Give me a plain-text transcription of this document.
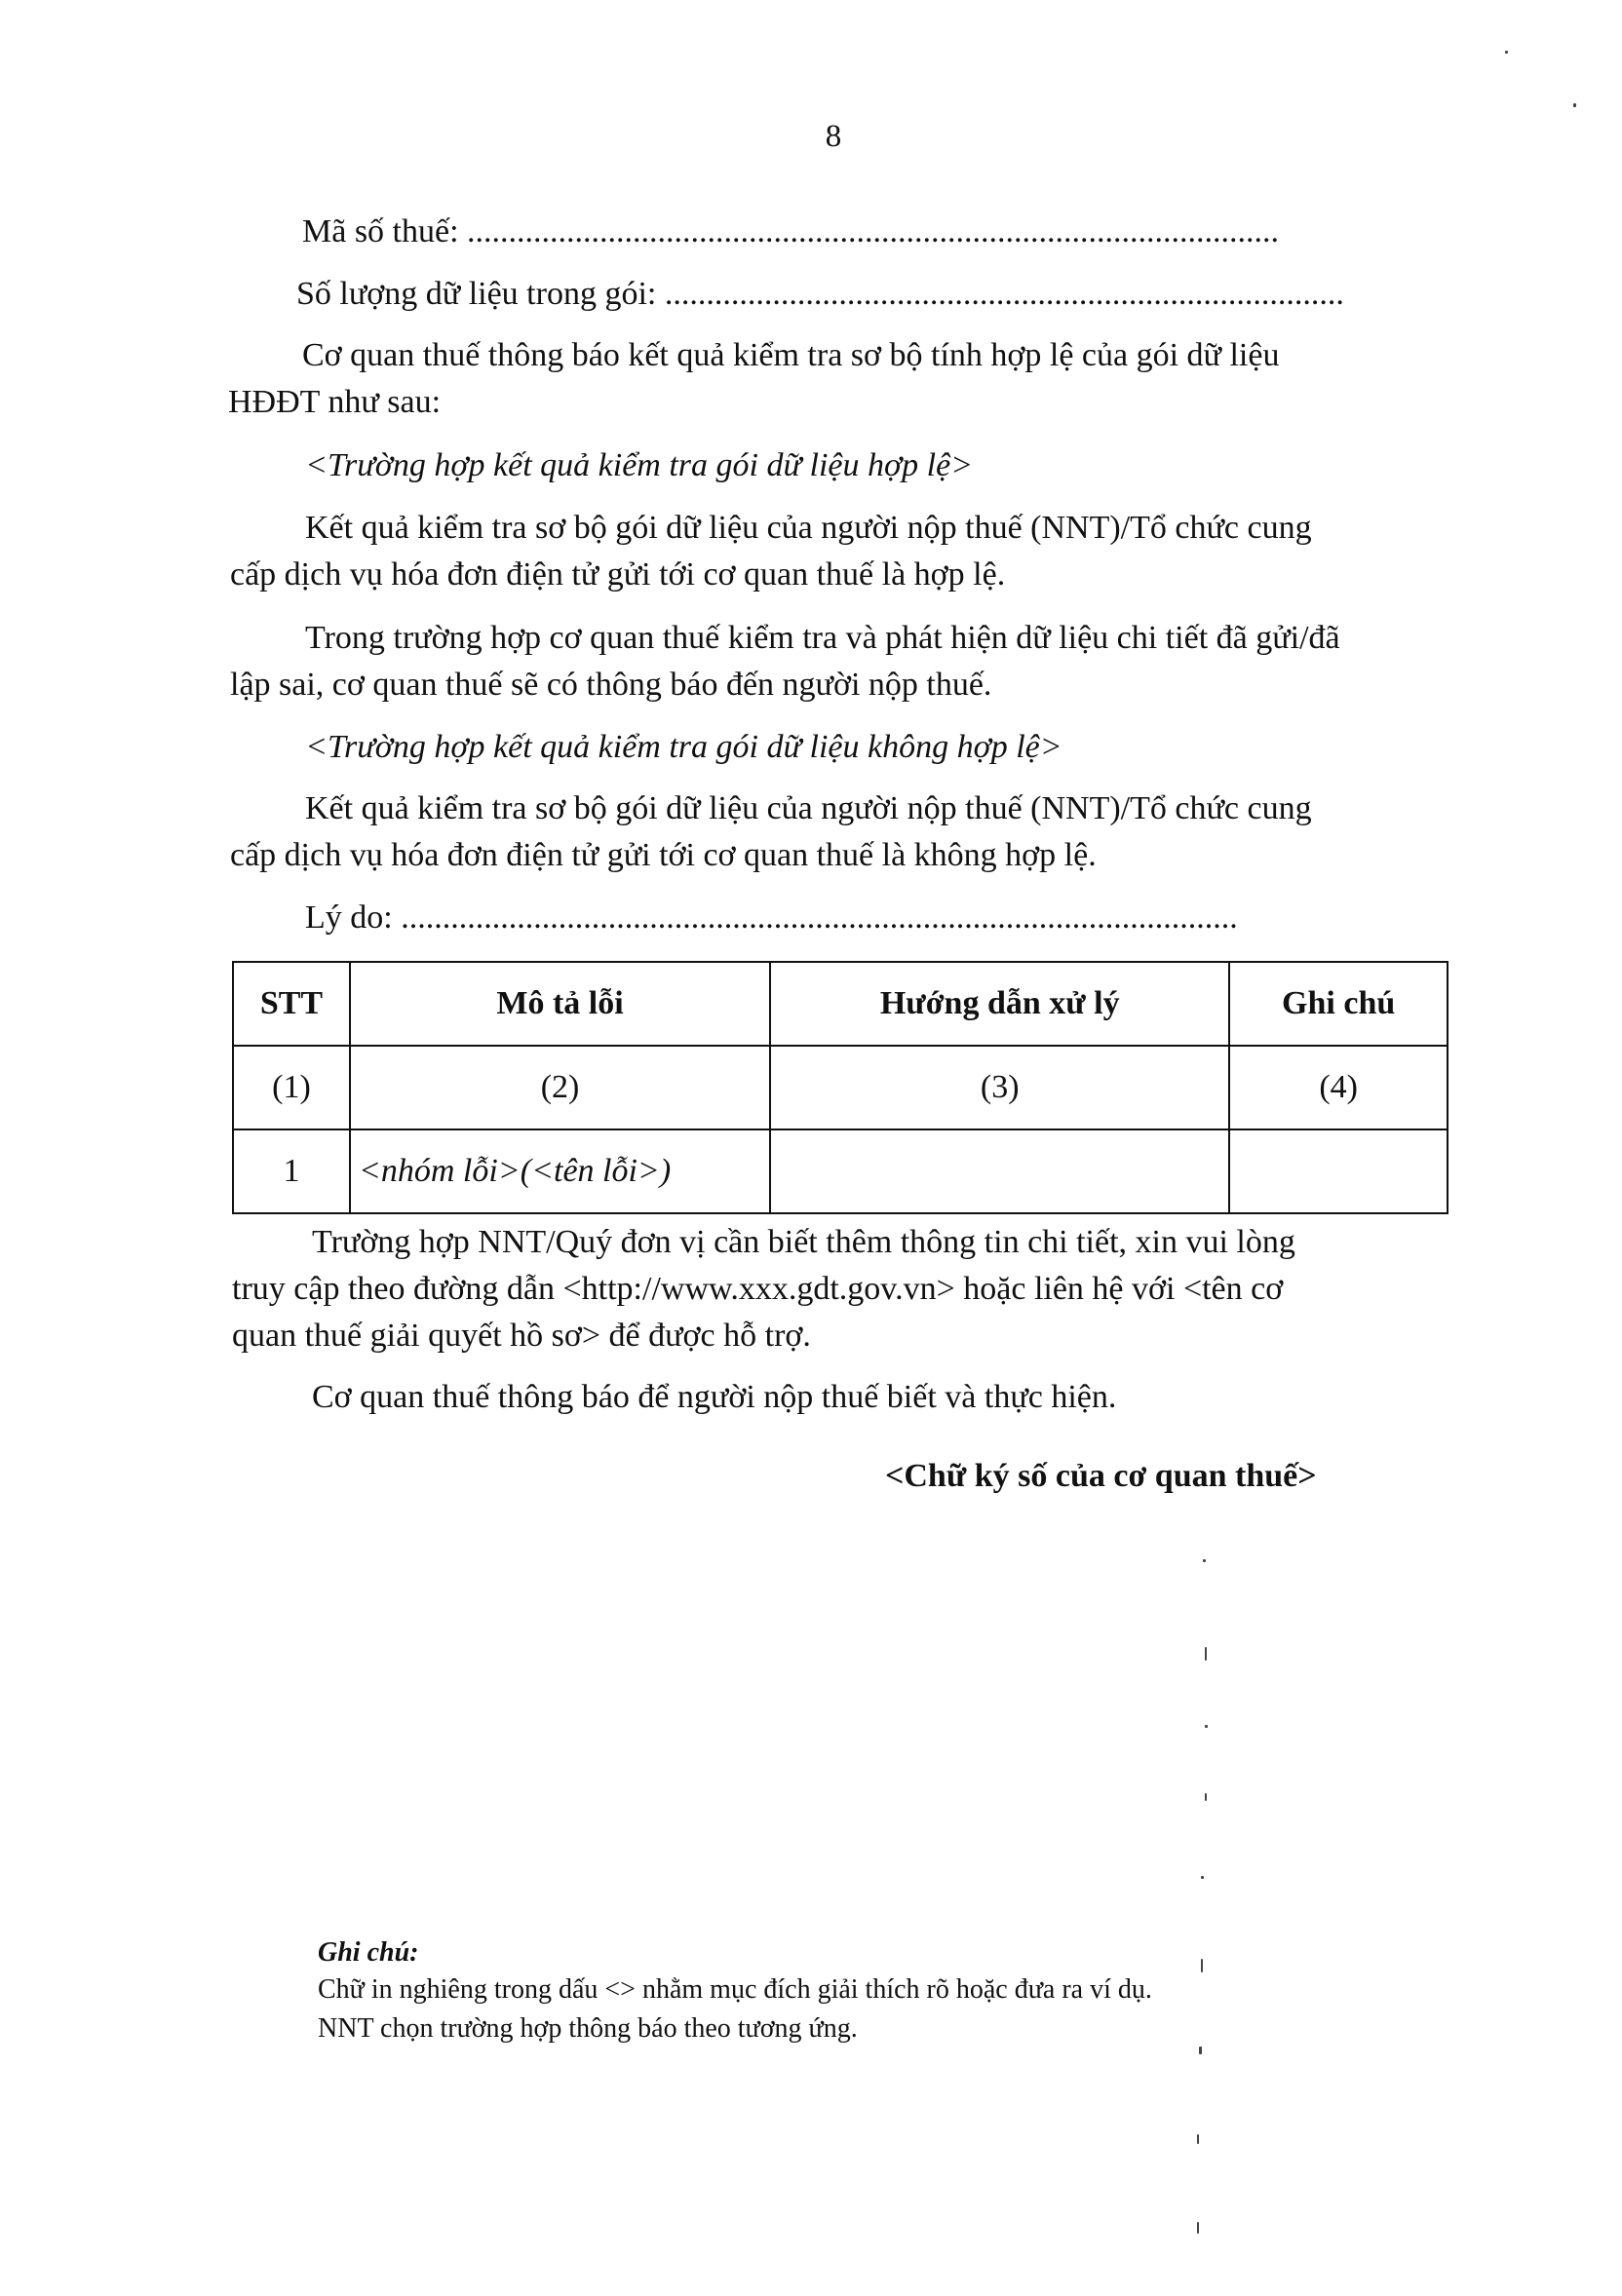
8
Mã số thuế: ..................................................................................................
Số lượng dữ liệu trong gói: ..................................................................................
Cơ quan thuế thông báo kết quả kiểm tra sơ bộ tính hợp lệ của gói dữ liệu
HĐĐT như sau:
<Trường hợp kết quả kiểm tra gói dữ liệu hợp lệ>
Kết quả kiểm tra sơ bộ gói dữ liệu của người nộp thuế (NNT)/Tổ chức cung
cấp dịch vụ hóa đơn điện tử gửi tới cơ quan thuế là hợp lệ.
Trong trường hợp cơ quan thuế kiểm tra và phát hiện dữ liệu chi tiết đã gửi/đã
lập sai, cơ quan thuế sẽ có thông báo đến người nộp thuế.
<Trường hợp kết quả kiểm tra gói dữ liệu không hợp lệ>
Kết quả kiểm tra sơ bộ gói dữ liệu của người nộp thuế (NNT)/Tổ chức cung
cấp dịch vụ hóa đơn điện tử gửi tới cơ quan thuế là không hợp lệ.
Lý do: .....................................................................................................
STT	Mô tả lỗi	Hướng dẫn xử lý	Ghi chú
(1)	(2)	(3)	(4)
1	<nhóm lỗi>(<tên lỗi>)		
Trường hợp NNT/Quý đơn vị cần biết thêm thông tin chi tiết, xin vui lòng
truy cập theo đường dẫn <http://www.xxx.gdt.gov.vn> hoặc liên hệ với <tên cơ
quan thuế giải quyết hồ sơ> để được hỗ trợ.
Cơ quan thuế thông báo để người nộp thuế biết và thực hiện.
<Chữ ký số của cơ quan thuế>
Ghi chú:
Chữ in nghiêng trong dấu <> nhằm mục đích giải thích rõ hoặc đưa ra ví dụ.
NNT chọn trường hợp thông báo theo tương ứng.
